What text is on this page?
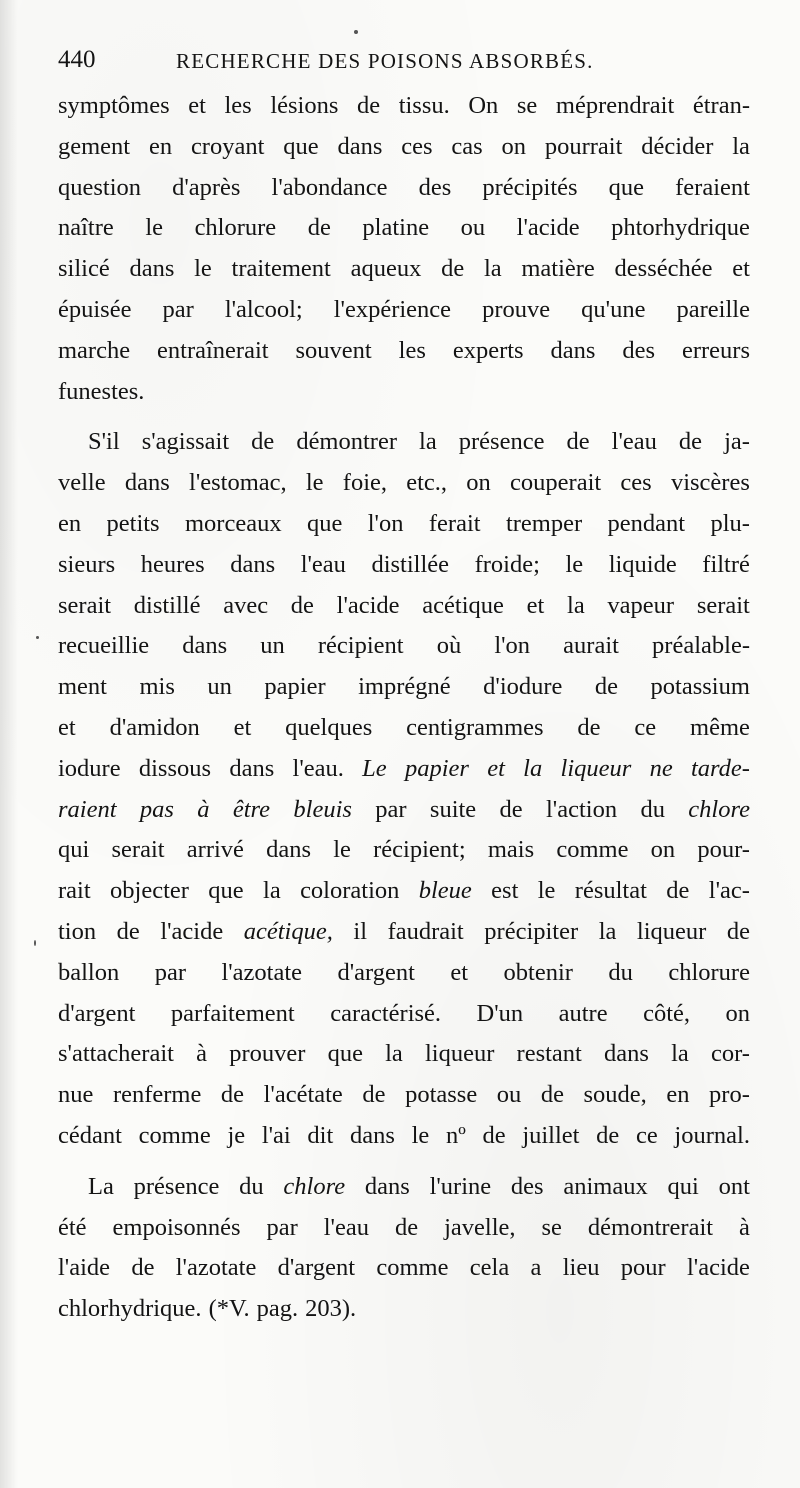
440	RECHERCHE DES POISONS ABSORBÉS.
symptômes et les lésions de tissu. On se méprendrait étran-
gement en croyant que dans ces cas on pourrait décider la
question d'après l'abondance des précipités que feraient
naître le chlorure de platine ou l'acide phtorhydrique
silicé dans le traitement aqueux de la matière desséchée et
épuisée par l'alcool; l'expérience prouve qu'une pareille
marche entraînerait souvent les experts dans des erreurs
funestes.
S'il s'agissait de démontrer la présence de l'eau de ja-
velle dans l'estomac, le foie, etc., on couperait ces viscères
en petits morceaux que l'on ferait tremper pendant plu-
sieurs heures dans l'eau distillée froide; le liquide filtré
serait distillé avec de l'acide acétique et la vapeur serait
recueillie dans un récipient où l'on aurait préalable-
ment mis un papier imprégné d'iodure de potassium
et d'amidon et quelques centigrammes de ce même
iodure dissous dans l'eau. Le papier et la liqueur ne tarde-
raient pas à être bleuis par suite de l'action du chlore
qui serait arrivé dans le récipient; mais comme on pour-
rait objecter que la coloration bleue est le résultat de l'ac-
tion de l'acide acétique, il faudrait précipiter la liqueur de
ballon par l'azotate d'argent et obtenir du chlorure
d'argent parfaitement caractérisé. D'un autre côté, on
s'attacherait à prouver que la liqueur restant dans la cor-
nue renferme de l'acétate de potasse ou de soude, en pro-
cédant comme je l'ai dit dans le nº de juillet de ce journal.
La présence du chlore dans l'urine des animaux qui ont
été empoisonnés par l'eau de javelle, se démontrerait à
l'aide de l'azotate d'argent comme cela a lieu pour l'acide
chlorhydrique. (*V. pag. 203).
